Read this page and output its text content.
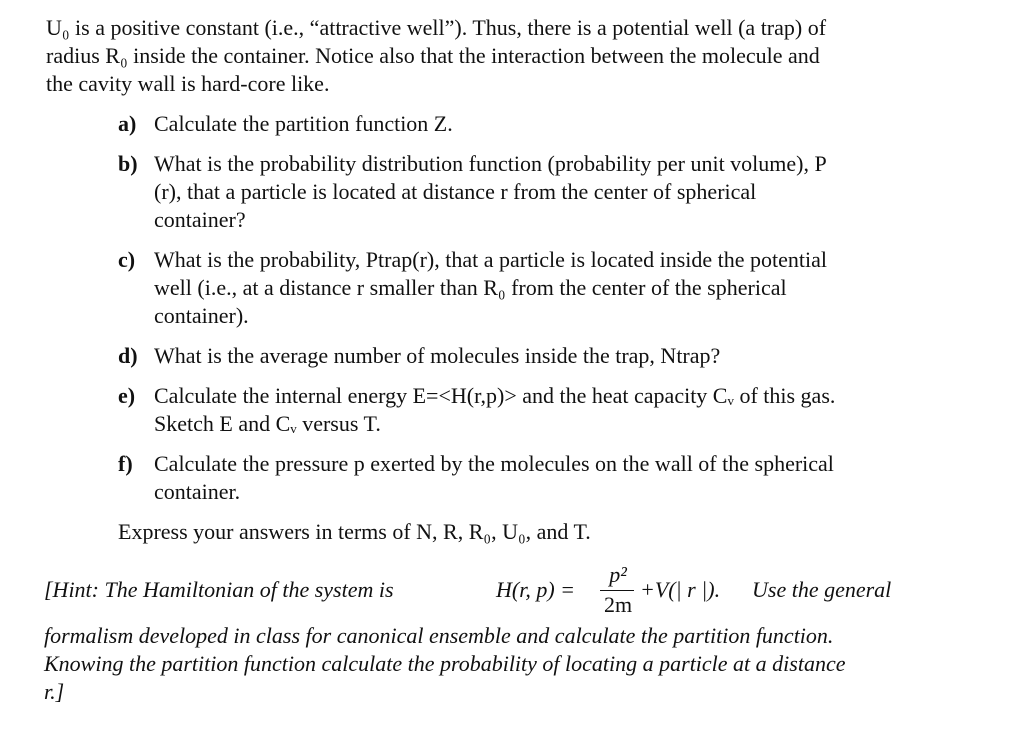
U₀ is a positive constant (i.e., “attractive well”). Thus, there is a potential well (a trap) of
radius R₀ inside the container. Notice also that the interaction between the molecule and
the cavity wall is hard-core like.
a) Calculate the partition function Z.
b) What is the probability distribution function (probability per unit volume), P
(r), that a particle is located at distance r from the center of spherical
container?
c) What is the probability, Ptrap(r), that a particle is located inside the potential
well (i.e., at a distance r smaller than R₀ from the center of the spherical
container).
d) What is the average number of molecules inside the trap, Ntrap?
e) Calculate the internal energy E=<H(r,p)> and the heat capacity Cᵥ of this gas.
Sketch E and Cᵥ versus T.
f) Calculate the pressure p exerted by the molecules on the wall of the spherical
container.
Express your answers in terms of N, R, R₀, U₀, and T.
[Hint: The Hamiltonian of the system is	H(r, p) =
p²
2m
+V(| r |). Use the general
formalism developed in class for canonical ensemble and calculate the partition function.
Knowing the partition function calculate the probability of locating a particle at a distance
r.]
